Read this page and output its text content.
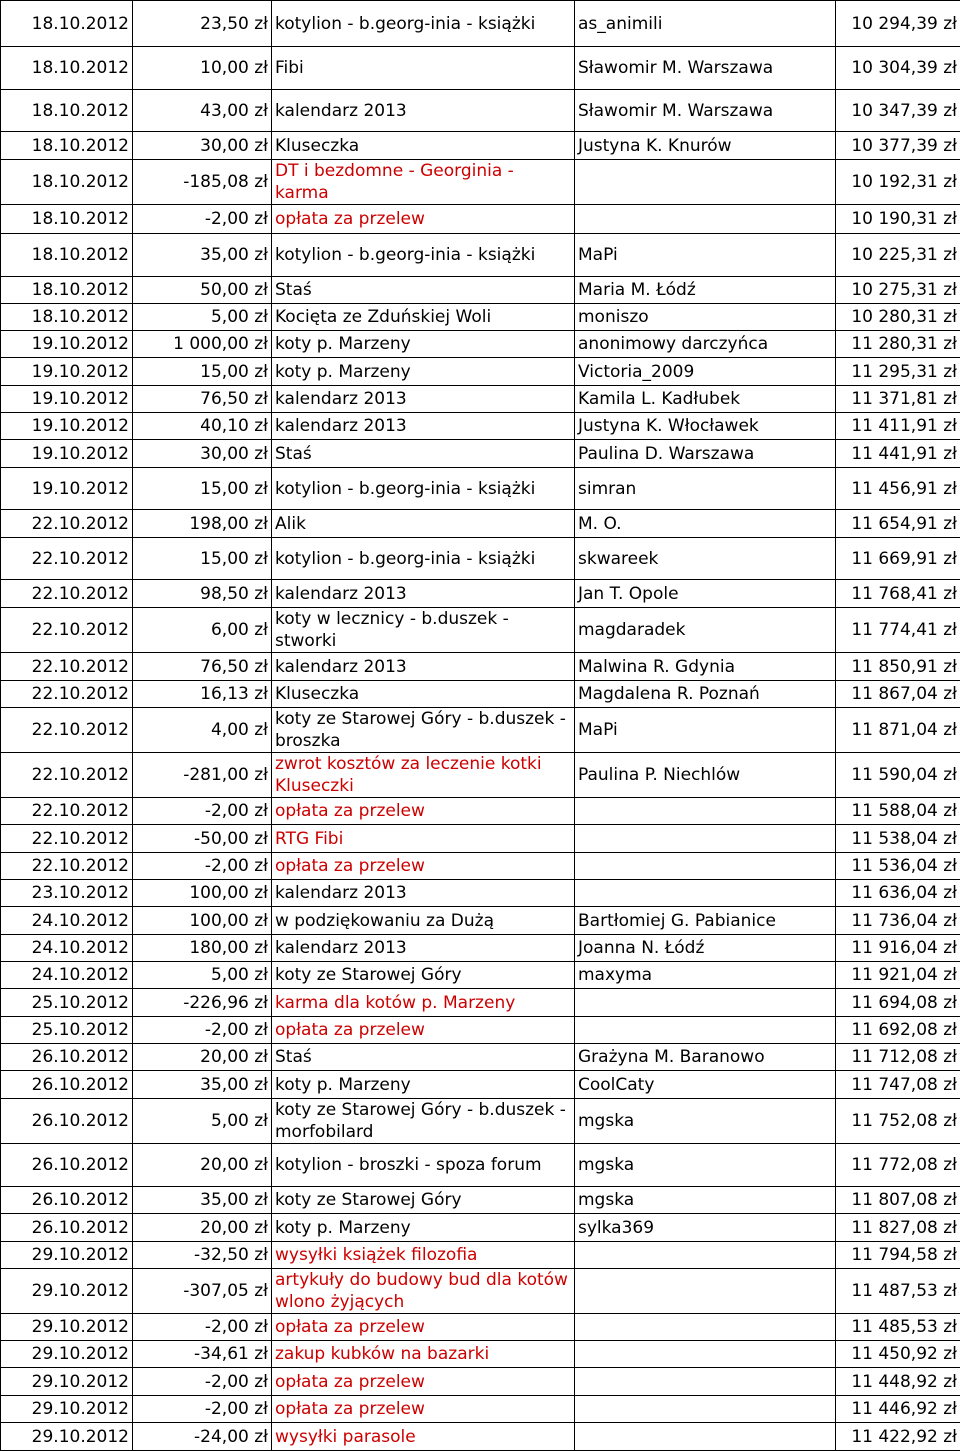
18.10.2012	23,50 zł	kotylion - b.georg-inia - książki	as_animili	10 294,39 zł
18.10.2012	10,00 zł	Fibi	Sławomir M. Warszawa	10 304,39 zł
18.10.2012	43,00 zł	kalendarz 2013	Sławomir M. Warszawa	10 347,39 zł
18.10.2012	30,00 zł	Kluseczka	Justyna K. Knurów	10 377,39 zł
18.10.2012	-185,08 zł	DT i bezdomne - Georginia - karma		10 192,31 zł
18.10.2012	-2,00 zł	opłata za przelew		10 190,31 zł
18.10.2012	35,00 zł	kotylion - b.georg-inia - książki	MaPi	10 225,31 zł
18.10.2012	50,00 zł	Staś	Maria M. Łódź	10 275,31 zł
18.10.2012	5,00 zł	Kocięta ze Zduńskiej Woli	moniszo	10 280,31 zł
19.10.2012	1 000,00 zł	koty p. Marzeny	anonimowy darczyńca	11 280,31 zł
19.10.2012	15,00 zł	koty p. Marzeny	Victoria_2009	11 295,31 zł
19.10.2012	76,50 zł	kalendarz 2013	Kamila L. Kadłubek	11 371,81 zł
19.10.2012	40,10 zł	kalendarz 2013	Justyna K. Włocławek	11 411,91 zł
19.10.2012	30,00 zł	Staś	Paulina D. Warszawa	11 441,91 zł
19.10.2012	15,00 zł	kotylion - b.georg-inia - książki	simran	11 456,91 zł
22.10.2012	198,00 zł	Alik	M. O.	11 654,91 zł
22.10.2012	15,00 zł	kotylion - b.georg-inia - książki	skwareek	11 669,91 zł
22.10.2012	98,50 zł	kalendarz 2013	Jan T. Opole	11 768,41 zł
22.10.2012	6,00 zł	koty w lecznicy - b.duszek - stworki	magdaradek	11 774,41 zł
22.10.2012	76,50 zł	kalendarz 2013	Malwina R. Gdynia	11 850,91 zł
22.10.2012	16,13 zł	Kluseczka	Magdalena R. Poznań	11 867,04 zł
22.10.2012	4,00 zł	koty ze Starowej Góry - b.duszek - broszka	MaPi	11 871,04 zł
22.10.2012	-281,00 zł	zwrot kosztów za leczenie kotki Kluseczki	Paulina P. Niechlów	11 590,04 zł
22.10.2012	-2,00 zł	opłata za przelew		11 588,04 zł
22.10.2012	-50,00 zł	RTG Fibi		11 538,04 zł
22.10.2012	-2,00 zł	opłata za przelew		11 536,04 zł
23.10.2012	100,00 zł	kalendarz 2013		11 636,04 zł
24.10.2012	100,00 zł	w podziękowaniu za Dużą	Bartłomiej G. Pabianice	11 736,04 zł
24.10.2012	180,00 zł	kalendarz 2013	Joanna N. Łódź	11 916,04 zł
24.10.2012	5,00 zł	koty ze Starowej Góry	maxyma	11 921,04 zł
25.10.2012	-226,96 zł	karma dla kotów p. Marzeny		11 694,08 zł
25.10.2012	-2,00 zł	opłata za przelew		11 692,08 zł
26.10.2012	20,00 zł	Staś	Grażyna M. Baranowo	11 712,08 zł
26.10.2012	35,00 zł	koty p. Marzeny	CoolCaty	11 747,08 zł
26.10.2012	5,00 zł	koty ze Starowej Góry - b.duszek - morfobilard	mgska	11 752,08 zł
26.10.2012	20,00 zł	kotylion - broszki - spoza forum	mgska	11 772,08 zł
26.10.2012	35,00 zł	koty ze Starowej Góry	mgska	11 807,08 zł
26.10.2012	20,00 zł	koty p. Marzeny	sylka369	11 827,08 zł
29.10.2012	-32,50 zł	wysyłki książek filozofia		11 794,58 zł
29.10.2012	-307,05 zł	artykuły do budowy bud dla kotów wlono żyjących		11 487,53 zł
29.10.2012	-2,00 zł	opłata za przelew		11 485,53 zł
29.10.2012	-34,61 zł	zakup kubków na bazarki		11 450,92 zł
29.10.2012	-2,00 zł	opłata za przelew		11 448,92 zł
29.10.2012	-2,00 zł	opłata za przelew		11 446,92 zł
29.10.2012	-24,00 zł	wysyłki parasole		11 422,92 zł
